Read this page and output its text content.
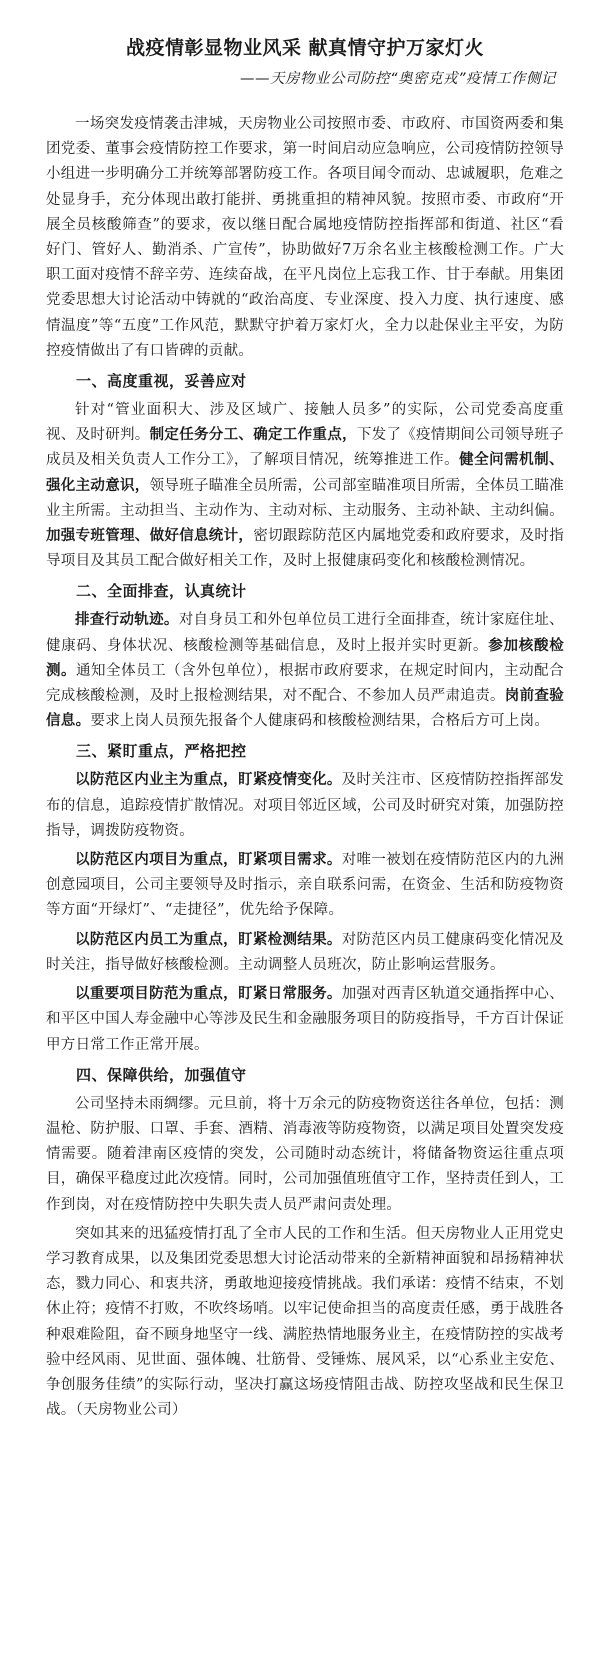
战疫情彰显物业风采 献真情守护万家灯火
——天房物业公司防控“奥密克戎”疫情工作侧记

一场突发疫情袭击津城，天房物业公司按照市委、市政府、市国资两委和集团党委、董事会疫情防控工作要求，第一时间启动应急响应，公司疫情防控领导小组进一步明确分工并统筹部署防疫工作。各项目闻令而动、忠诚履职，危难之处显身手，充分体现出敢打能拼、勇挑重担的精神风貌。按照市委、市政府“开展全员核酸筛查”的要求，夜以继日配合属地疫情防控指挥部和街道、社区“看好门、管好人、勤消杀、广宣传”，协助做好7万余名业主核酸检测工作。广大职工面对疫情不辞辛劳、连续奋战，在平凡岗位上忘我工作、甘于奉献。用集团党委思想大讨论活动中铸就的“政治高度、专业深度、投入力度、执行速度、感情温度”等“五度”工作风范，默默守护着万家灯火，全力以赴保业主平安，为防控疫情做出了有口皆碑的贡献。

一、高度重视，妥善应对

针对“管业面积大、涉及区域广、接触人员多”的实际，公司党委高度重视、及时研判。制定任务分工、确定工作重点，下发了《疫情期间公司领导班子成员及相关负责人工作分工》，了解项目情况，统筹推进工作。健全问需机制、强化主动意识，领导班子瞄准全员所需，公司部室瞄准项目所需，全体员工瞄准业主所需。主动担当、主动作为、主动对标、主动服务、主动补缺、主动纠偏。加强专班管理、做好信息统计，密切跟踪防范区内属地党委和政府要求，及时指导项目及其员工配合做好相关工作，及时上报健康码变化和核酸检测情况。

二、全面排查，认真统计

排查行动轨迹。对自身员工和外包单位员工进行全面排查，统计家庭住址、健康码、身体状况、核酸检测等基础信息，及时上报并实时更新。参加核酸检测。通知全体员工（含外包单位），根据市政府要求，在规定时间内，主动配合完成核酸检测，及时上报检测结果，对不配合、不参加人员严肃追责。岗前查验信息。要求上岗人员预先报备个人健康码和核酸检测结果，合格后方可上岗。

三、紧盯重点，严格把控

以防范区内业主为重点，盯紧疫情变化。及时关注市、区疫情防控指挥部发布的信息，追踪疫情扩散情况。对项目邻近区域，公司及时研究对策，加强防控指导，调拨防疫物资。

以防范区内项目为重点，盯紧项目需求。对唯一被划在疫情防范区内的九洲创意园项目，公司主要领导及时指示，亲自联系问需，在资金、生活和防疫物资等方面“开绿灯”、“走捷径”，优先给予保障。

以防范区内员工为重点，盯紧检测结果。对防范区内员工健康码变化情况及时关注，指导做好核酸检测。主动调整人员班次，防止影响运营服务。

以重要项目防范为重点，盯紧日常服务。加强对西青区轨道交通指挥中心、和平区中国人寿金融中心等涉及民生和金融服务项目的防疫指导，千方百计保证甲方日常工作正常开展。

四、保障供给，加强值守

公司坚持未雨绸缪。元旦前，将十万余元的防疫物资送往各单位，包括：测温枪、防护服、口罩、手套、酒精、消毒液等防疫物资，以满足项目处置突发疫情需要。随着津南区疫情的突发，公司随时动态统计，将储备物资运往重点项目，确保平稳度过此次疫情。同时，公司加强值班值守工作，坚持责任到人，工作到岗，对在疫情防控中失职失责人员严肃问责处理。

突如其来的迅猛疫情打乱了全市人民的工作和生活。但天房物业人正用党史学习教育成果，以及集团党委思想大讨论活动带来的全新精神面貌和昂扬精神状态，戮力同心、和衷共济，勇敢地迎接疫情挑战。我们承诺：疫情不结束，不划休止符；疫情不打败，不吹终场哨。以牢记使命担当的高度责任感，勇于战胜各种艰难险阻，奋不顾身地坚守一线、满腔热情地服务业主，在疫情防控的实战考验中经风雨、见世面、强体魄、壮筋骨、受锤炼、展风采，以“心系业主安危、争创服务佳绩”的实际行动，坚决打赢这场疫情阻击战、防控攻坚战和民生保卫战。（天房物业公司）
